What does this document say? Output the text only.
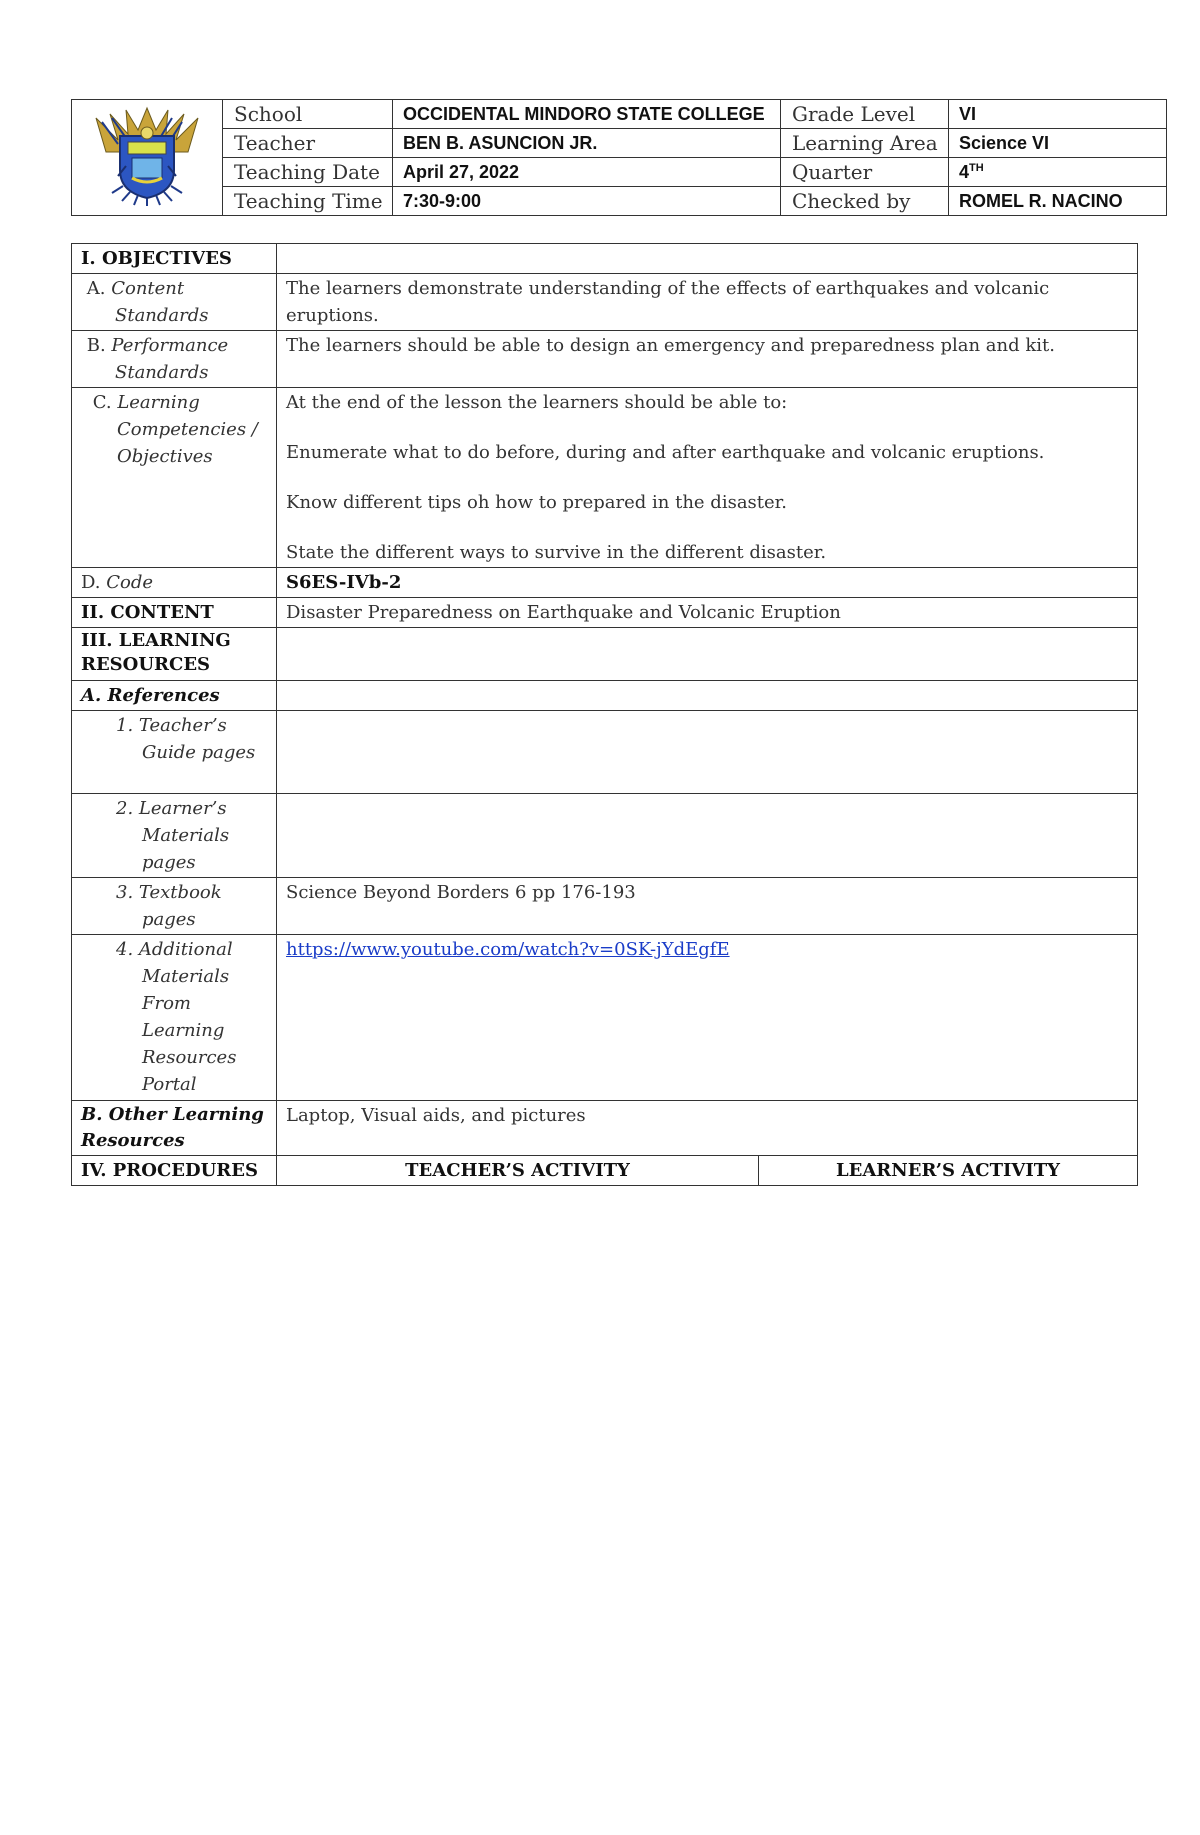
	School	OCCIDENTAL MINDORO STATE COLLEGE	Grade Level	VI
	Teacher	BEN B. ASUNCION JR.	Learning Area	Science VI
	Teaching Date	April 27, 2022	Quarter	4TH
	Teaching Time	7:30-9:00	Checked by	ROMEL R. NACINO
I. OBJECTIVES		

A. Content Standards	The learners demonstrate understanding of the effects of earthquakes and volcanic eruptions.	

B. Performance Standards	The learners should be able to design an emergency and preparedness plan and kit.	

C. Learning Competencies / Objectives	At the end of the lesson the learners should be able to:

Enumerate what to do before, during and after earthquake and volcanic eruptions.

Know different tips oh how to prepared in the disaster.

State the different ways to survive in the different disaster.	

D. Code	S6ES-IVb-2	
II. CONTENT	Disaster Preparedness on Earthquake and Volcanic Eruption	
III. LEARNING RESOURCES		
A. References		

1. Teacher’s Guide pages		

2. Learner’s Materials pages		

3. Textbook pages	Science Beyond Borders 6 pp 176-193	

4. Additional Materials From Learning Resources Portal	https://www.youtube.com/watch?v=0SK-jYdEgfE	
B. Other Learning Resources	Laptop, Visual aids, and pictures	
IV. PROCEDURES	TEACHER’S ACTIVITY	LEARNER’S ACTIVITY
